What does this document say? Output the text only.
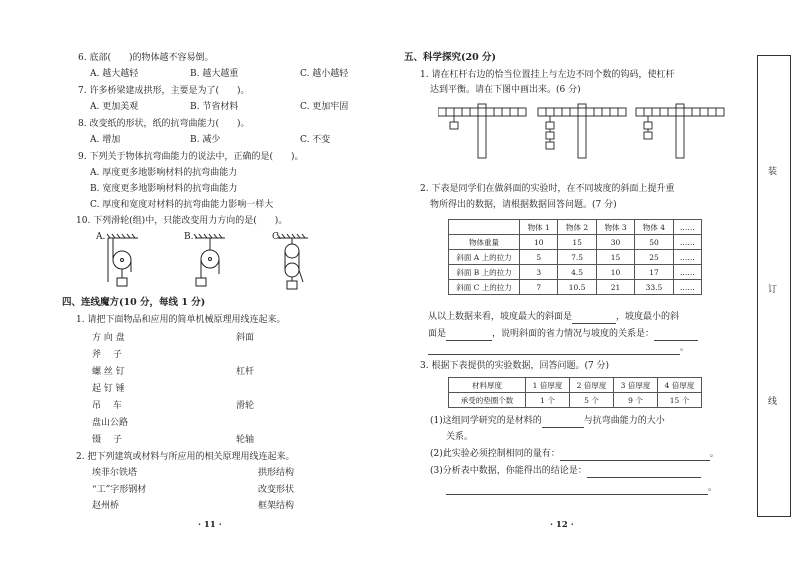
6. 底部(　　)的物体越不容易倒。
A. 越大越轻	B. 越大越重	C. 越小越轻
7. 许多桥梁建成拱形，主要是为了(　　)。
A. 更加美观	B. 节省材料	C. 更加牢固
8. 改变纸的形状，纸的抗弯曲能力(　　)。
A. 增加	B. 减少	C. 不变
9. 下列关于物体抗弯曲能力的说法中，正确的是(　　)。
A. 厚度更多地影响材料的抗弯曲能力
B. 宽度更多地影响材料的抗弯曲能力
C. 厚度和宽度对材料的抗弯曲能力影响一样大
10. 下列滑轮(组)中，只能改变用力方向的是(　　)。
A.	B.	C.
四、连线魔方(10 分，每线 1 分)
1. 请把下面物品和应用的简单机械原理用线连起来。
方 向 盘
斧　 子
螺 丝 钉
起 钉 锤
吊　 车
盘山公路
镊　 子
斜面
杠杆
滑轮
轮轴
2. 把下列建筑或材料与所应用的相关原理用线连起来。
埃菲尔铁塔
“工”字形钢材
赵州桥
拱形结构
改变形状
框架结构
· 11 ·
五、科学探究(20 分)
1. 请在杠杆右边的恰当位置挂上与左边不同个数的钩码，使杠杆
达到平衡。请在下图中画出来。(6 分)
2. 下表是同学们在做斜面的实验时，在不同坡度的斜面上提升重
物所得出的数据，请根据数据回答问题。(7 分)
	物体 1	物体 2	物体 3	物体 4	……
物体重量	10	15	30	50	……
斜面 A 上的拉力	5	7.5	15	25	……
斜面 B 上的拉力	3	4.5	10	17	……
斜面 C 上的拉力	7	10.5	21	33.5	……
从以上数据来看，坡度最大的斜面是	，坡度最小的斜
面是	，说明斜面的省力情况与坡度的关系是：
。
3. 根据下表提供的实验数据，回答问题。(7 分)
材料厚度	1 倍厚度	2 倍厚度	3 倍厚度	4 倍厚度
承受的垫圈个数	1 个	5 个	9 个	15 个
(1)这组同学研究的是材料的	与抗弯曲能力的大小
关系。
(2)此实验必须控制相同的量有：	。
(3)分析表中数据，你能得出的结论是：
。
· 12 ·
装
订
线
